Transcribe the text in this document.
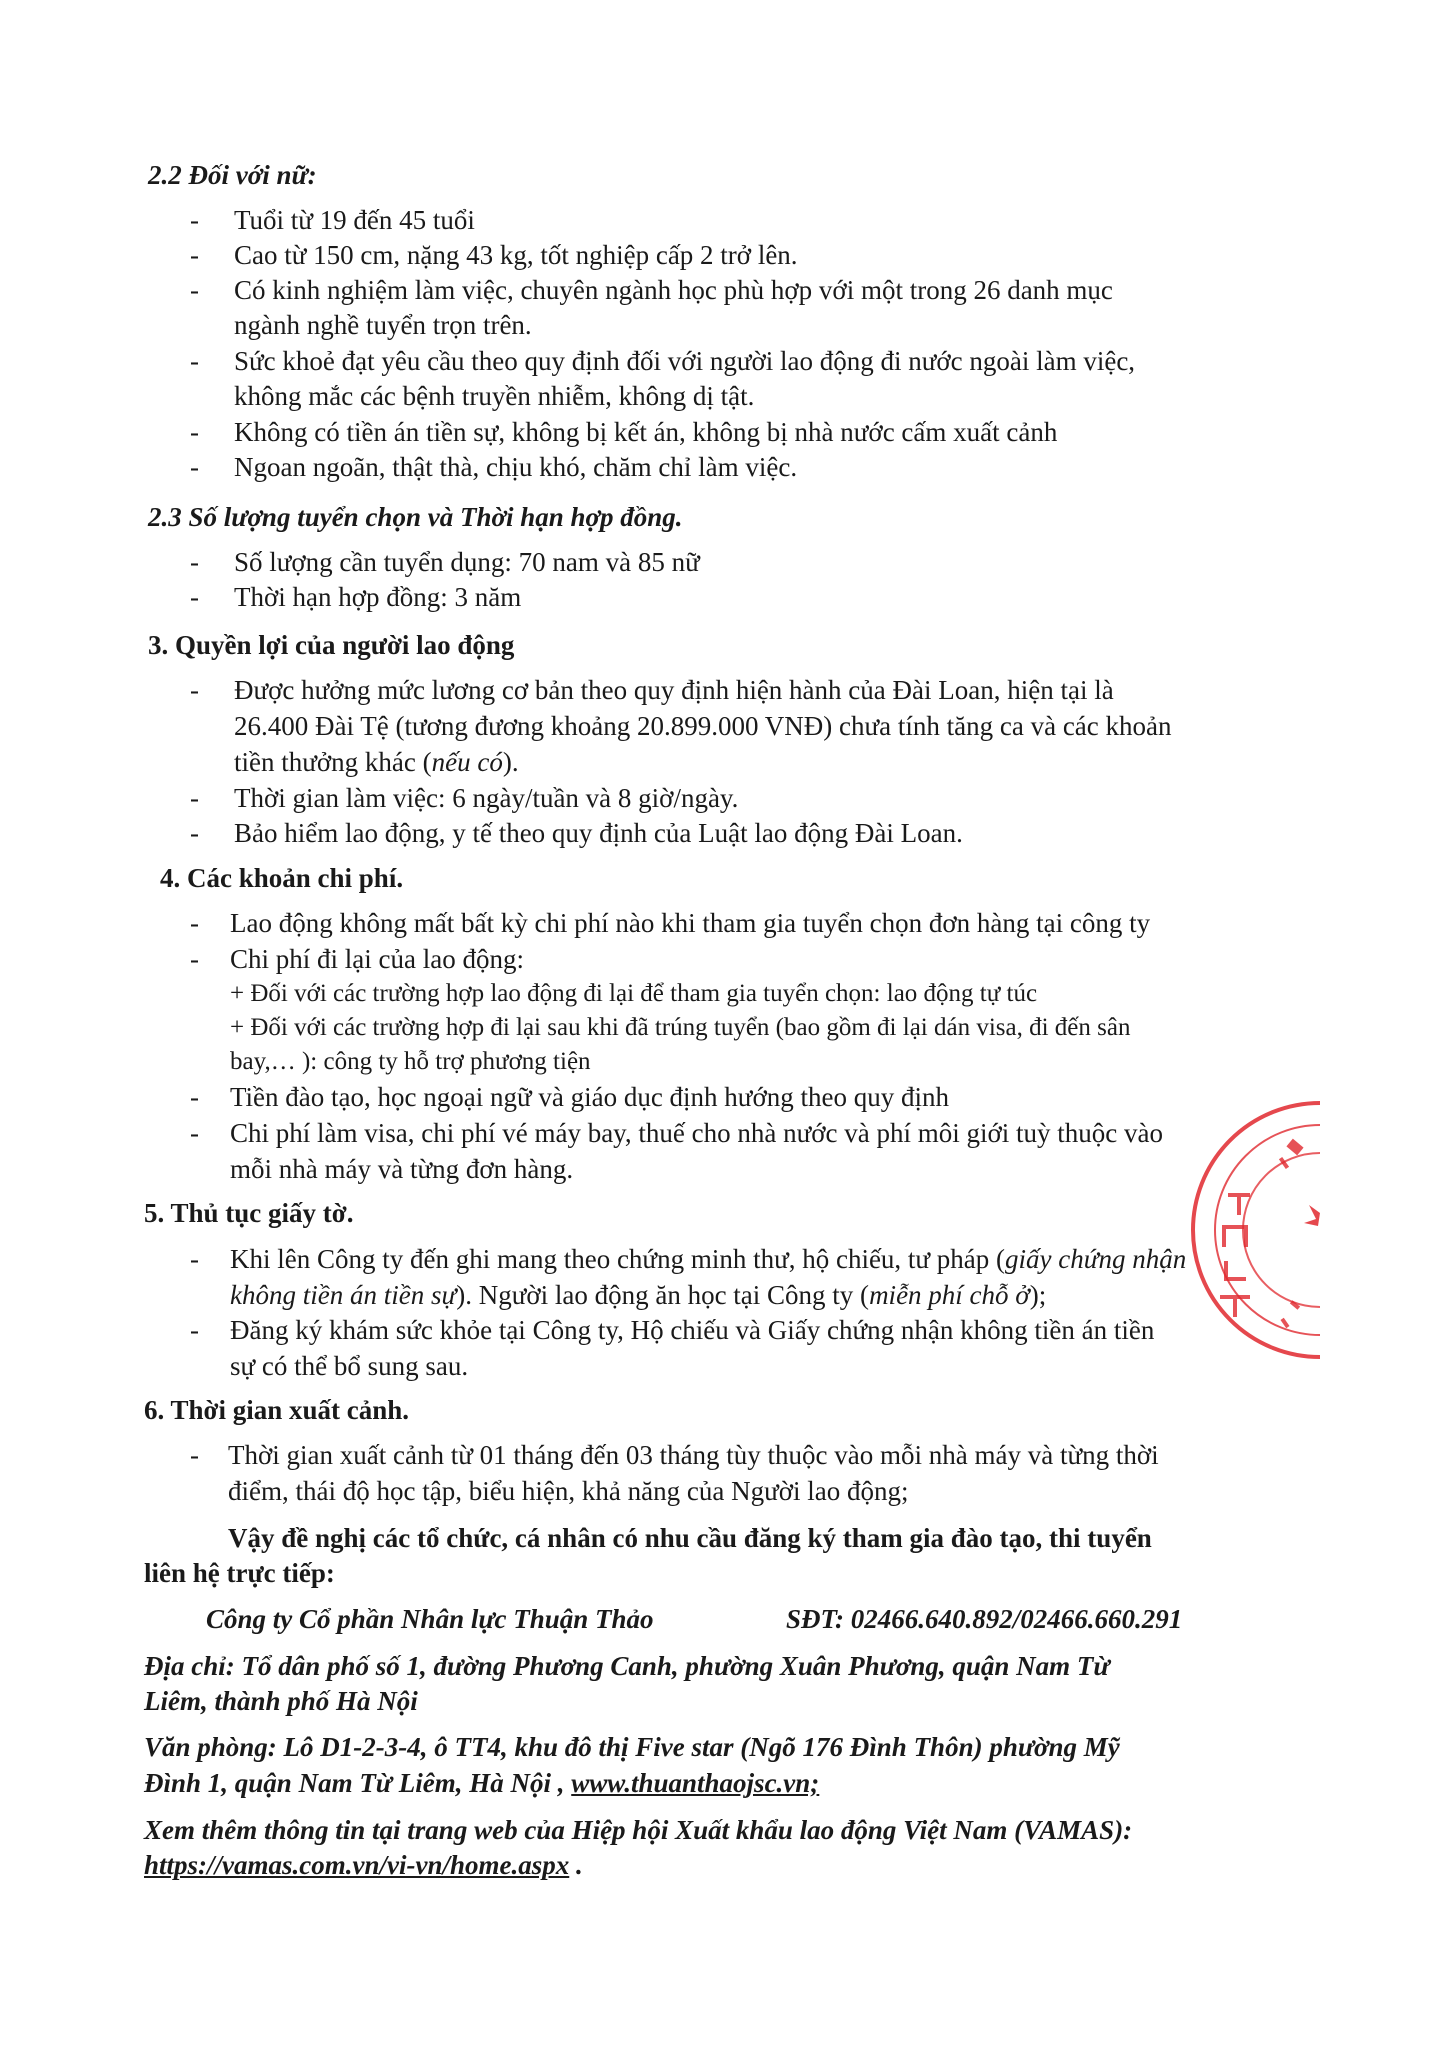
2.2 Đối với nữ:
- Tuổi từ 19 đến 45 tuổi
- Cao từ 150 cm, nặng 43 kg, tốt nghiệp cấp 2 trở lên.
- Có kinh nghiệm làm việc, chuyên ngành học phù hợp với một trong 26 danh mục
ngành nghề tuyển trọn trên.
- Sức khoẻ đạt yêu cầu theo quy định đối với người lao động đi nước ngoài làm việc,
không mắc các bệnh truyền nhiễm, không dị tật.
- Không có tiền án tiền sự, không bị kết án, không bị nhà nước cấm xuất cảnh
- Ngoan ngoãn, thật thà, chịu khó, chăm chỉ làm việc.
2.3 Số lượng tuyển chọn và Thời hạn hợp đồng.
- Số lượng cần tuyển dụng: 70 nam và 85 nữ
- Thời hạn hợp đồng: 3 năm
3. Quyền lợi của người lao động
- Được hưởng mức lương cơ bản theo quy định hiện hành của Đài Loan, hiện tại là
26.400 Đài Tệ (tương đương khoảng 20.899.000 VNĐ) chưa tính tăng ca và các khoản
tiền thưởng khác (nếu có).
- Thời gian làm việc: 6 ngày/tuần và 8 giờ/ngày.
- Bảo hiểm lao động, y tế theo quy định của Luật lao động Đài Loan.
4. Các khoản chi phí.
- Lao động không mất bất kỳ chi phí nào khi tham gia tuyển chọn đơn hàng tại công ty
- Chi phí đi lại của lao động:
+ Đối với các trường hợp lao động đi lại để tham gia tuyển chọn: lao động tự túc
+ Đối với các trường hợp đi lại sau khi đã trúng tuyển (bao gồm đi lại dán visa, đi đến sân
bay,… ): công ty hỗ trợ phương tiện
- Tiền đào tạo, học ngoại ngữ và giáo dục định hướng theo quy định
- Chi phí làm visa, chi phí vé máy bay, thuế cho nhà nước và phí môi giới tuỳ thuộc vào
mỗi nhà máy và từng đơn hàng.
5. Thủ tục giấy tờ.
- Khi lên Công ty đến ghi mang theo chứng minh thư, hộ chiếu, tư pháp (giấy chứng nhận
không tiền án tiền sự). Người lao động ăn học tại Công ty (miễn phí chỗ ở);
- Đăng ký khám sức khỏe tại Công ty, Hộ chiếu và Giấy chứng nhận không tiền án tiền
sự có thể bổ sung sau.
6. Thời gian xuất cảnh.
- Thời gian xuất cảnh từ 01 tháng đến 03 tháng tùy thuộc vào mỗi nhà máy và từng thời
điểm, thái độ học tập, biểu hiện, khả năng của Người lao động;
Vậy đề nghị các tổ chức, cá nhân có nhu cầu đăng ký tham gia đào tạo, thi tuyển
liên hệ trực tiếp:
Công ty Cổ phần Nhân lực Thuận Thảo	SĐT: 02466.640.892/02466.660.291
Địa chỉ: Tổ dân phố số 1, đường Phương Canh, phường Xuân Phương, quận Nam Từ
Liêm, thành phố Hà Nội
Văn phòng: Lô D1-2-3-4, ô TT4, khu đô thị Five star (Ngõ 176 Đình Thôn) phường Mỹ
Đình 1, quận Nam Từ Liêm, Hà Nội , www.thuanthaojsc.vn;
Xem thêm thông tin tại trang web của Hiệp hội Xuất khẩu lao động Việt Nam (VAMAS):
https://vamas.com.vn/vi-vn/home.aspx .
